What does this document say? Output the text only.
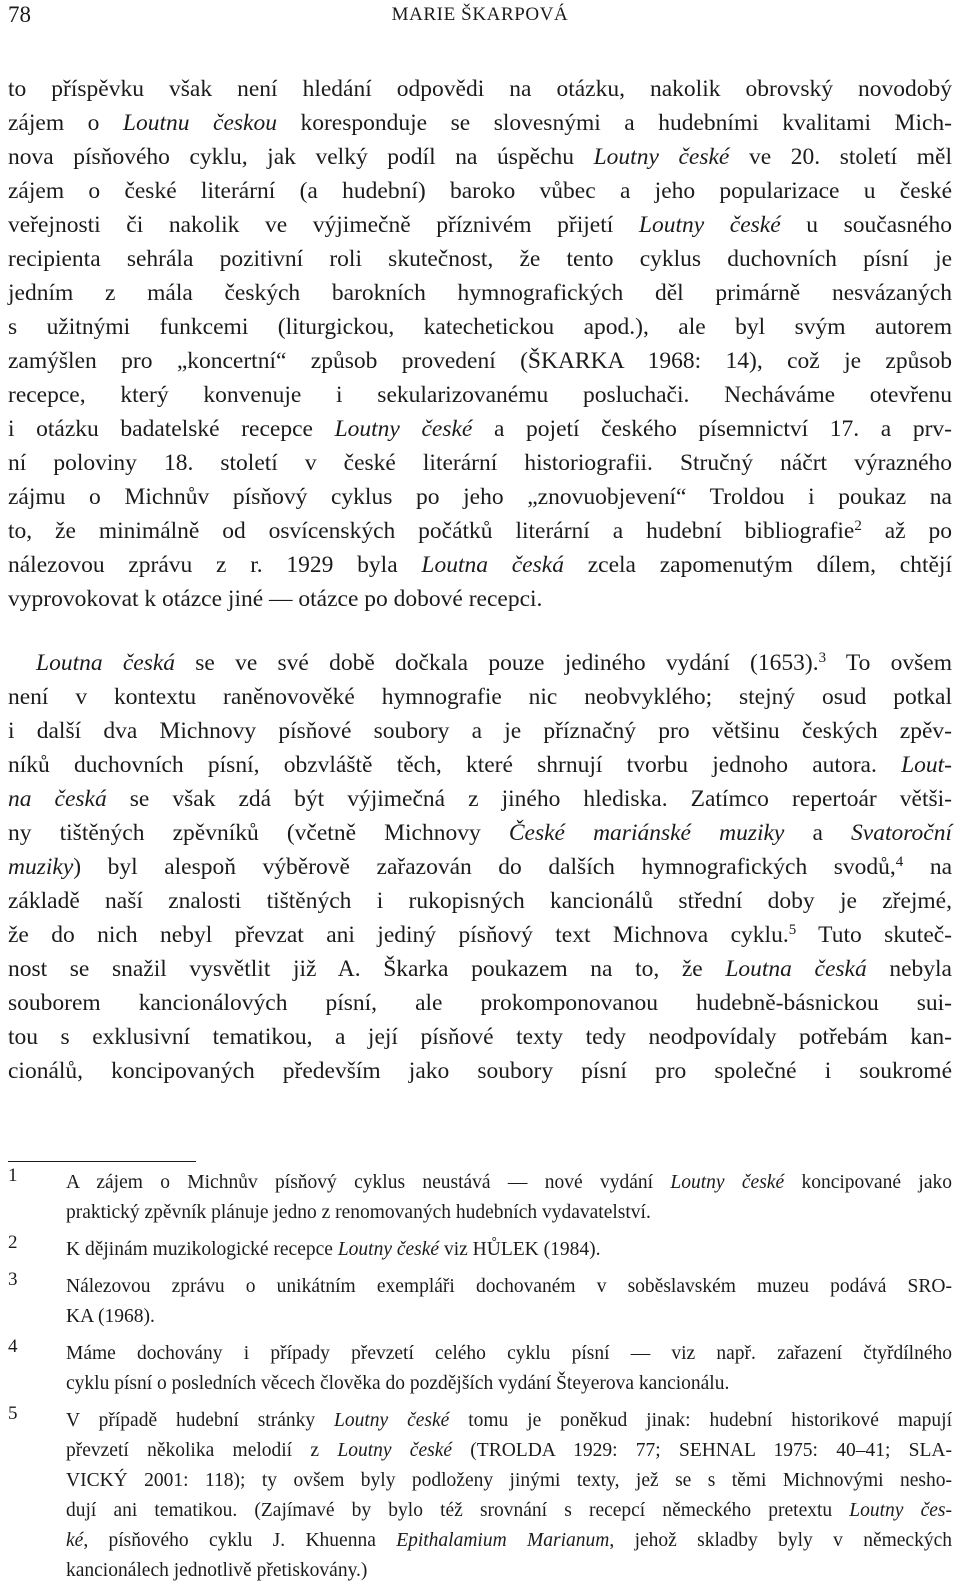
78	MARIE ŠKARPOVÁ
to příspěvku však není hledání odpovědi na otázku, nakolik obrovský novodobý
zájem o Loutnu českou koresponduje se slovesnými a hudebními kvalitami Mich-
nova písňového cyklu, jak velký podíl na úspěchu Loutny české ve 20. století měl
zájem o české literární (a hudební) baroko vůbec a jeho popularizace u české
veřejnosti či nakolik ve výjimečně příznivém přijetí Loutny české u současného
recipienta sehrála pozitivní roli skutečnost, že tento cyklus duchovních písní je
jedním z mála českých barokních hymnografických děl primárně nesvázaných
s užitnými funkcemi (liturgickou, katechetickou apod.), ale byl svým autorem
zamýšlen pro „koncertní“ způsob provedení (ŠKARKA 1968: 14), což je způsob
recepce, který konvenuje i sekularizovanému posluchači. Necháváme otevřenu
i otázku badatelské recepce Loutny české a pojetí českého písemnictví 17. a prv-
ní poloviny 18. století v české literární historiografii. Stručný náčrt výrazného
zájmu o Michnův písňový cyklus po jeho „znovuobjevení“ Troldou i poukaz na
to, že minimálně od osvícenských počátků literární a hudební bibliografie$^2$ až po
nálezovou zprávu z r. 1929 byla Loutna česká zcela zapomenutým dílem, chtějí
vyprovokovat k otázce jiné — otázce po dobové recepci.
Loutna česká se ve své době dočkala pouze jediného vydání (1653).$^3$ To ovšem
není v kontextu raněnovověké hymnografie nic neobvyklého; stejný osud potkal
i další dva Michnovy písňové soubory a je příznačný pro většinu českých zpěv-
níků duchovních písní, obzvláště těch, které shrnují tvorbu jednoho autora. Lout-
na česká se však zdá být výjimečná z jiného hlediska. Zatímco repertoár větši-
ny tištěných zpěvníků (včetně Michnovy České mariánské muziky a Svatoroční
muziky) byl alespoň výběrově zařazován do dalších hymnografických svodů,$^4$ na
základě naší znalosti tištěných i rukopisných kancionálů střední doby je zřejmé,
že do nich nebyl převzat ani jediný písňový text Michnova cyklu.$^5$ Tuto skuteč-
nost se snažil vysvětlit již A. Škarka poukazem na to, že Loutna česká nebyla
souborem kancionálových písní, ale prokomponovanou hudebně-básnickou sui-
tou s exklusivní tematikou, a její písňové texty tedy neodpovídaly potřebám kan-
cionálů, koncipovaných především jako soubory písní pro společné i soukromé
1 A zájem o Michnův písňový cyklus neustává — nové vydání Loutny české koncipované jako
praktický zpěvník plánuje jedno z renomovaných hudebních vydavatelství.
2 K dějinám muzikologické recepce Loutny české viz HŮLEK (1984).
3 Nálezovou zprávu o unikátním exempláři dochovaném v soběslavském muzeu podává SRO-
KA (1968).
4 Máme dochovány i případy převzetí celého cyklu písní — viz např. zařazení čtyřdílného
cyklu písní o posledních věcech člověka do pozdějších vydání Šteyerova kancionálu.
5 V případě hudební stránky Loutny české tomu je poněkud jinak: hudební historikové mapují
převzetí několika melodií z Loutny české (TROLDA 1929: 77; SEHNAL 1975: 40–41; SLA-
VICKÝ 2001: 118); ty ovšem byly podloženy jinými texty, jež se s těmi Michnovými nesho-
dují ani tematikou. (Zajímavé by bylo též srovnání s recepcí německého pretextu Loutny čes-
ké, písňového cyklu J. Khuenna Epithalamium Marianum, jehož skladby byly v německých
kancionálech jednotlivě přetiskovány.)
